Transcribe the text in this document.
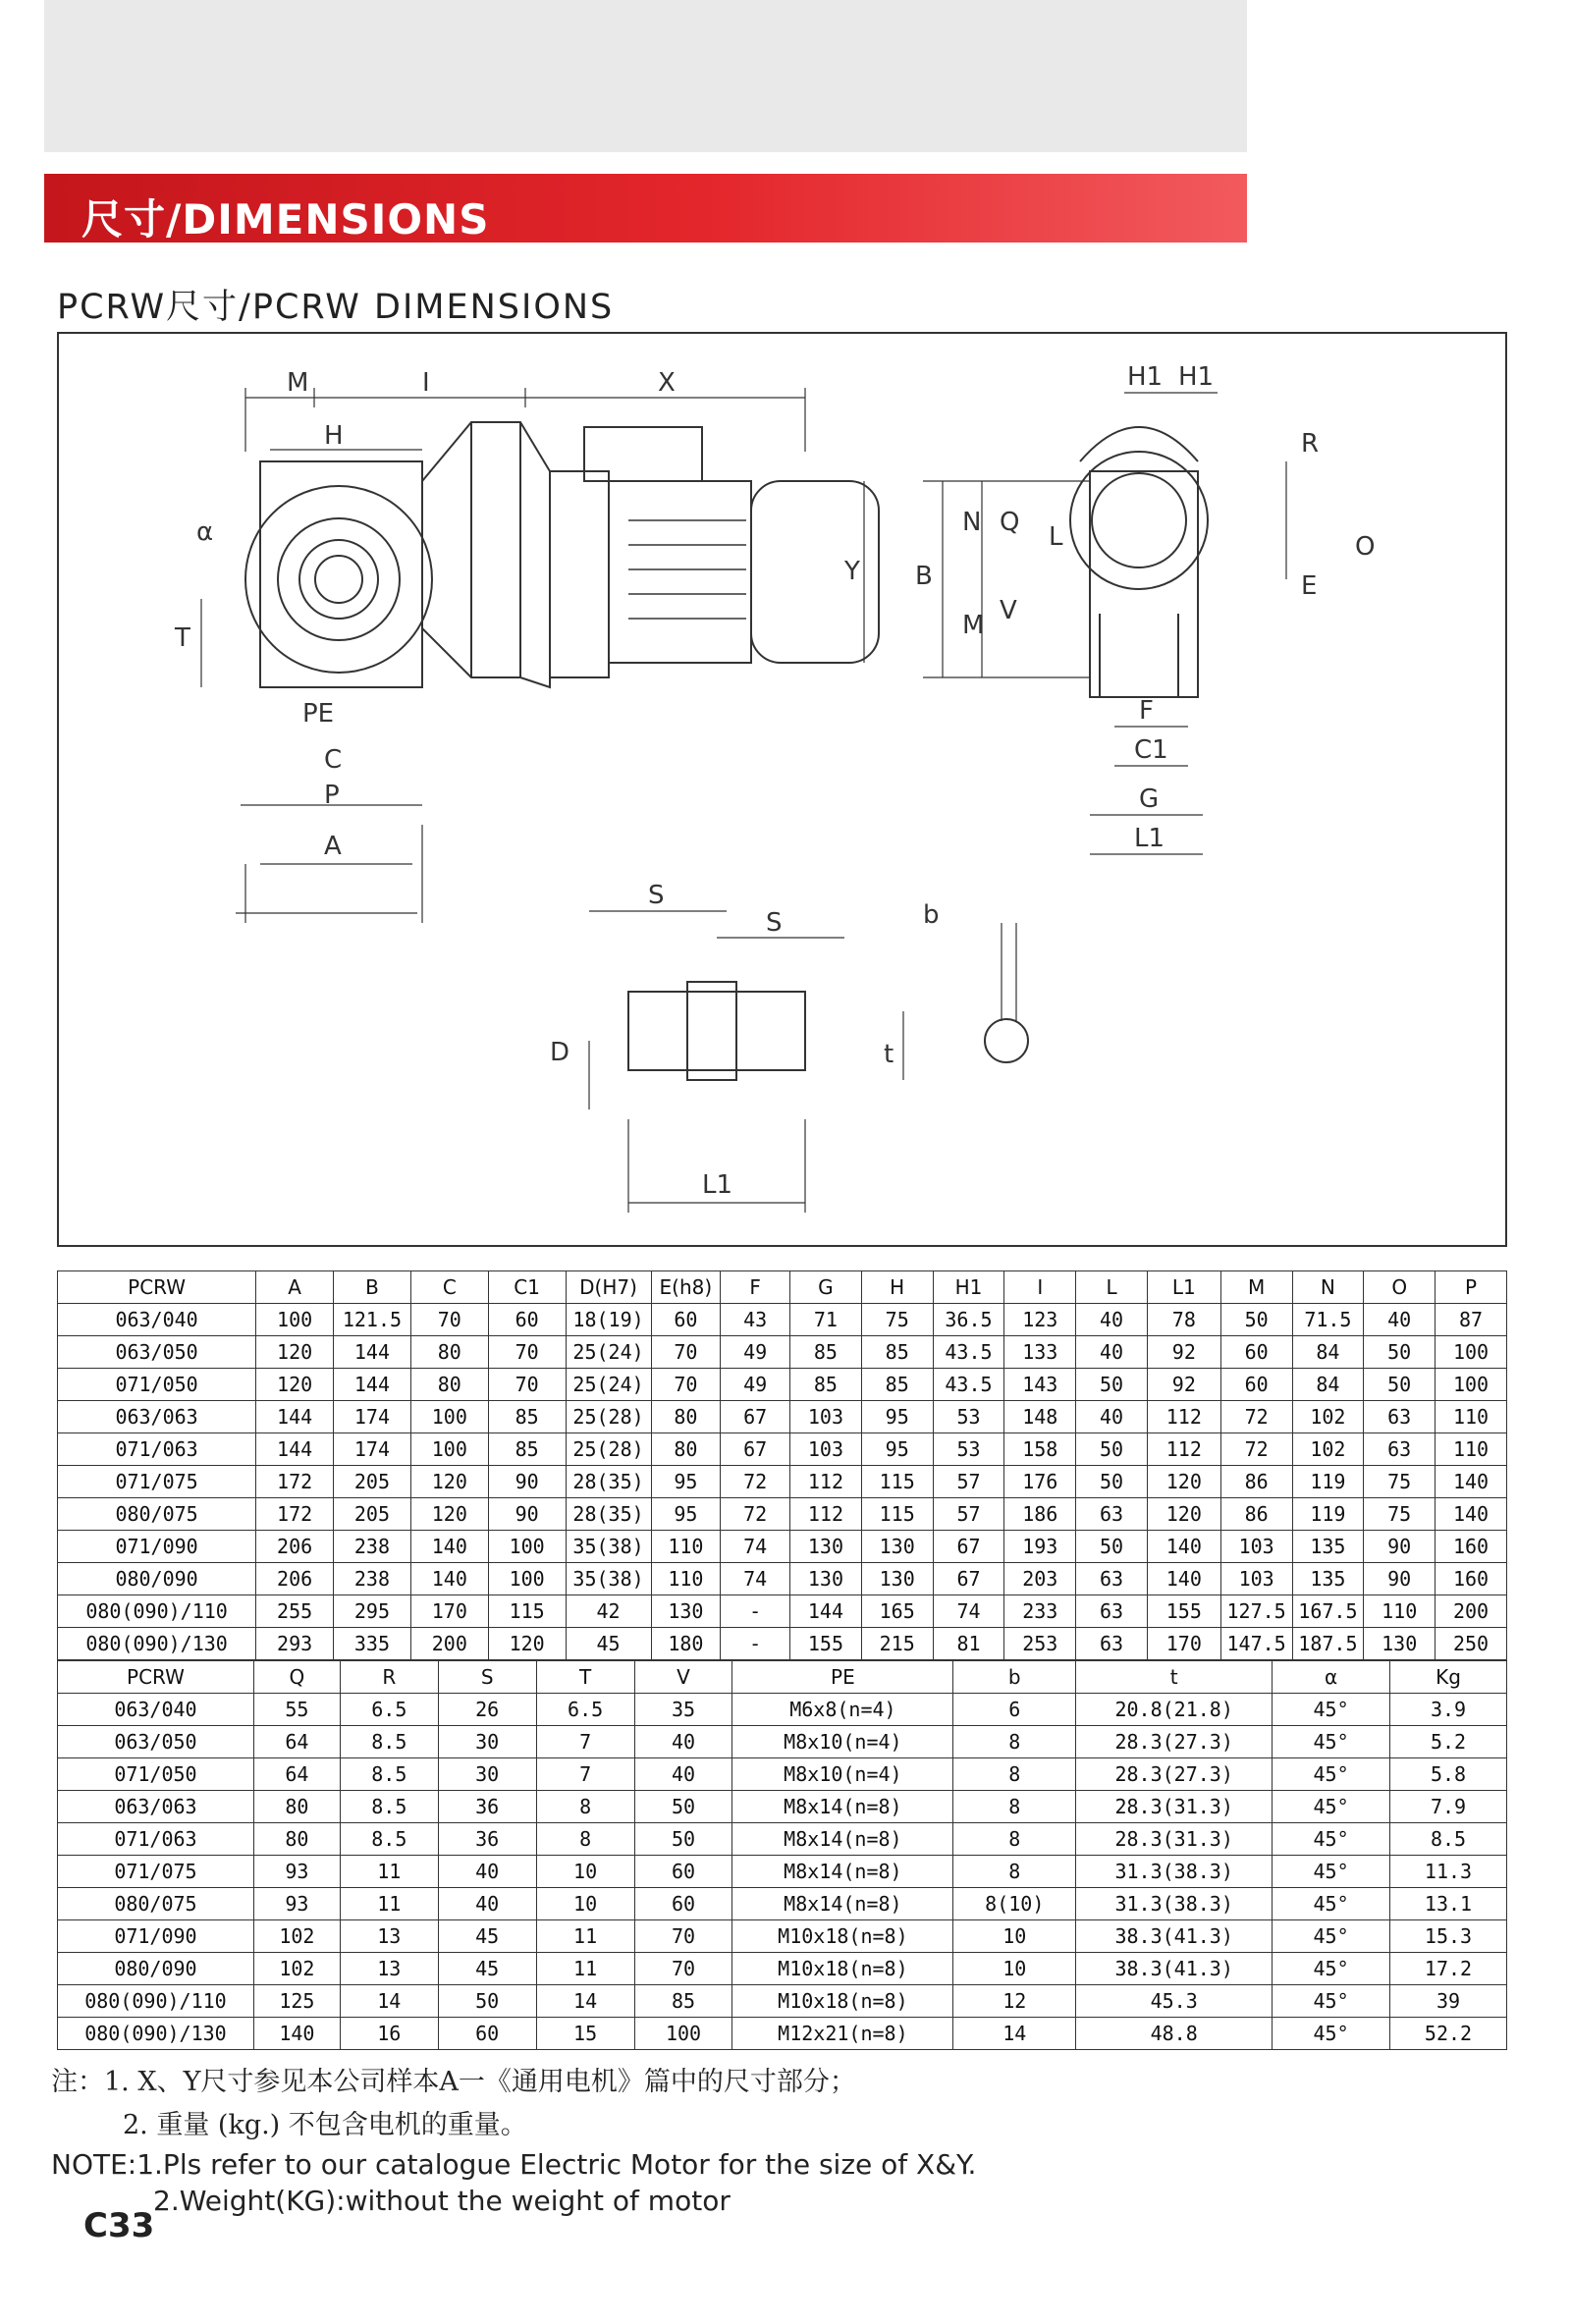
尺寸/DIMENSIONS
PCRW尺寸/PCRW DIMENSIONS
M	I	X
H
α
T
PE
C
P
A
Y B
N
M
Q
V
L
H1 H1
R
O
E
F
C1
G
L1
S
S
D
L1
b
t
PCRW	A	B	C	C1	D(H7)	E(h8)	F	G	H	H1	I	L	L1	M	N	O	P
063/040	100	121.5	70	60	18(19)	60	43	71	75	36.5	123	40	78	50	71.5	40	87
063/050	120	144	80	70	25(24)	70	49	85	85	43.5	133	40	92	60	84	50	100
071/050	120	144	80	70	25(24)	70	49	85	85	43.5	143	50	92	60	84	50	100
063/063	144	174	100	85	25(28)	80	67	103	95	53	148	40	112	72	102	63	110
071/063	144	174	100	85	25(28)	80	67	103	95	53	158	50	112	72	102	63	110
071/075	172	205	120	90	28(35)	95	72	112	115	57	176	50	120	86	119	75	140
080/075	172	205	120	90	28(35)	95	72	112	115	57	186	63	120	86	119	75	140
071/090	206	238	140	100	35(38)	110	74	130	130	67	193	50	140	103	135	90	160
080/090	206	238	140	100	35(38)	110	74	130	130	67	203	63	140	103	135	90	160
080(090)/110	255	295	170	115	42	130	-	144	165	74	233	63	155	127.5	167.5	110	200
080(090)/130	293	335	200	120	45	180	-	155	215	81	253	63	170	147.5	187.5	130	250
PCRW	Q	R	S	T	V	PE	b	t	α	Kg
063/040	55	6.5	26	6.5	35	M6x8(n=4)	6	20.8(21.8)	45°	3.9
063/050	64	8.5	30	7	40	M8x10(n=4)	8	28.3(27.3)	45°	5.2
071/050	64	8.5	30	7	40	M8x10(n=4)	8	28.3(27.3)	45°	5.8
063/063	80	8.5	36	8	50	M8x14(n=8)	8	28.3(31.3)	45°	7.9
071/063	80	8.5	36	8	50	M8x14(n=8)	8	28.3(31.3)	45°	8.5
071/075	93	11	40	10	60	M8x14(n=8)	8	31.3(38.3)	45°	11.3
080/075	93	11	40	10	60	M8x14(n=8)	8(10)	31.3(38.3)	45°	13.1
071/090	102	13	45	11	70	M10x18(n=8)	10	38.3(41.3)	45°	15.3
080/090	102	13	45	11	70	M10x18(n=8)	10	38.3(41.3)	45°	17.2
080(090)/110	125	14	50	14	85	M10x18(n=8)	12	45.3	45°	39
080(090)/130	140	16	60	15	100	M12x21(n=8)	14	48.8	45°	52.2
注：1. X、Y尺寸参见本公司样本A一《通用电机》篇中的尺寸部分；
2. 重量 (kg.) 不包含电机的重量。
NOTE:1.Pls refer to our catalogue Electric Motor for the size of X&Y.
2.Weight(KG):without the weight of motor
C33
